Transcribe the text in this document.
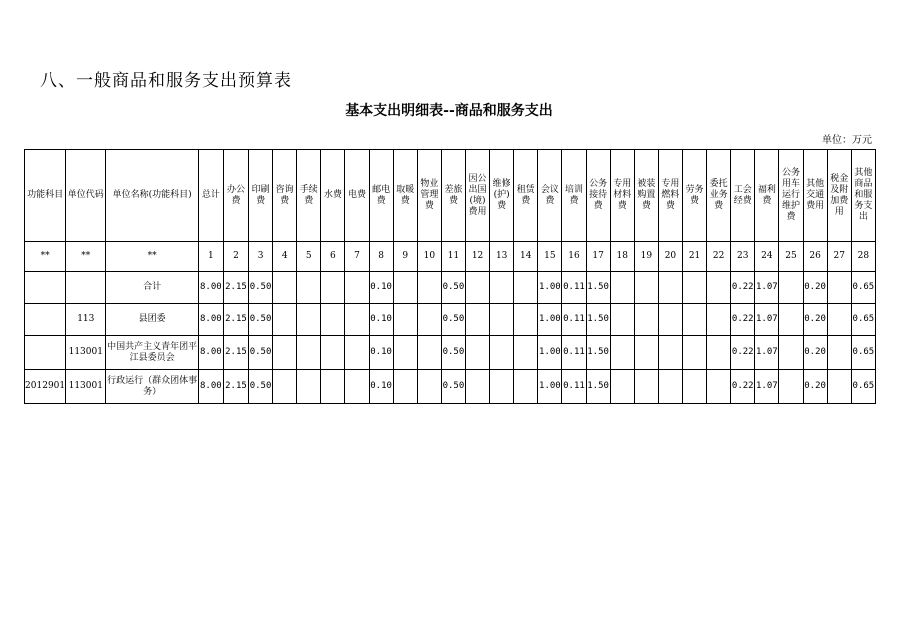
八、一般商品和服务支出预算表
基本支出明细表--商品和服务支出
单位：万元
功能科目	单位代码	单位名称(功能科目)	总计	办公费	印刷费	咨询费	手续费	水费	电费	邮电费	取暖费	物业管理费	差旅费	因公出国(境)费用	维修(护)费	租赁费	会议费	培训费	公务接待费	专用材料费	被装购置费	专用燃料费	劳务费	委托业务费	工会经费	福利费	公务用车运行维护费	其他交通费用	税金及附加费用	其他商品和服务支出
**	**	**	1	2	3	4	5	6	7	8	9	10	11	12	13	14	15	16	17	18	19	20	21	22	23	24	25	26	27	28
		合计	8.00	2.15	0.50					0.10			0.50				1.00	0.11	1.50						0.22	1.07		0.20		0.65
	113	县团委	8.00	2.15	0.50					0.10			0.50				1.00	0.11	1.50						0.22	1.07		0.20		0.65
	113001	中国共产主义青年团平江县委员会	8.00	2.15	0.50					0.10			0.50				1.00	0.11	1.50						0.22	1.07		0.20		0.65
2012901	113001	行政运行（群众团体事务）	8.00	2.15	0.50					0.10			0.50				1.00	0.11	1.50						0.22	1.07		0.20		0.65
